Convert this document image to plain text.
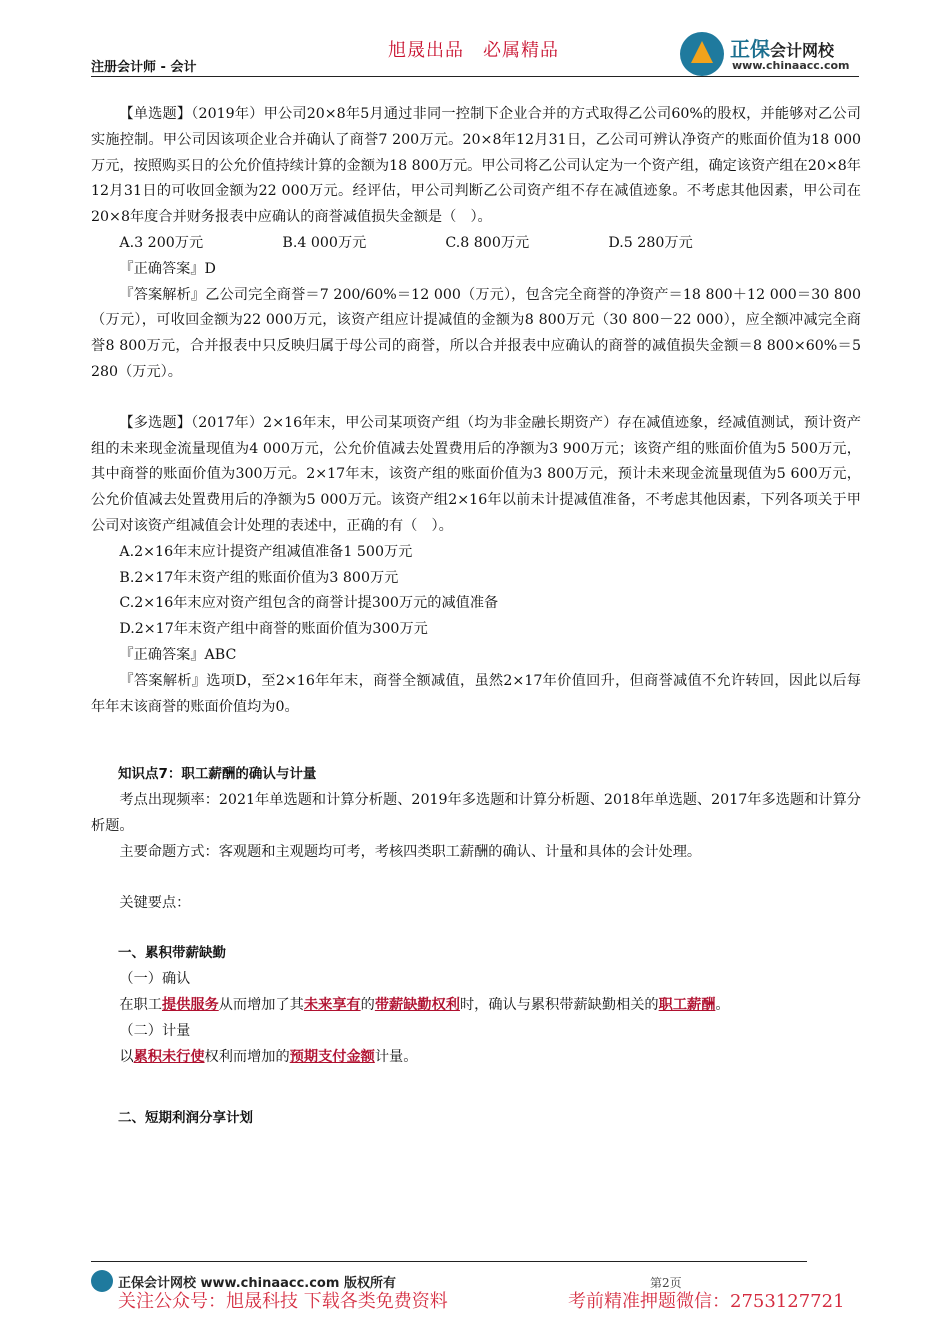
注册会计师 - 会计
旭晟出品　必属精品	正保会计网校
www.chinaacc.com

【单选题】（2019年）甲公司20×8年5月通过非同一控制下企业合并的方式取得乙公司60%的股权，并能够对乙公司实施控制。甲公司因该项企业合并确认了商誉7 200万元。20×8年12月31日，乙公司可辨认净资产的账面价值为18 000万元，按照购买日的公允价值持续计算的金额为18 800万元。甲公司将乙公司认定为一个资产组，确定该资产组在20×8年12月31日的可收回金额为22 000万元。经评估，甲公司判断乙公司资产组不存在减值迹象。不考虑其他因素，甲公司在20×8年度合并财务报表中应确认的商誉减值损失金额是（　）。

A.3 200万元	B.4 000万元	C.8 800万元	D.5 280万元

『正确答案』D

『答案解析』乙公司完全商誉＝7 200/60%＝12 000（万元），包含完全商誉的净资产＝18 800＋12 000＝30 800（万元），可收回金额为22 000万元，该资产组应计提减值的金额为8 800万元（30 800－22 000），应全额冲减完全商誉8 800万元，合并报表中只反映归属于母公司的商誉，所以合并报表中应确认的商誉的减值损失金额＝8 800×60%＝5 280（万元）。

【多选题】（2017年）2×16年末，甲公司某项资产组（均为非金融长期资产）存在减值迹象，经减值测试，预计资产组的未来现金流量现值为4 000万元，公允价值减去处置费用后的净额为3 900万元；该资产组的账面价值为5 500万元，其中商誉的账面价值为300万元。2×17年末，该资产组的账面价值为3 800万元，预计未来现金流量现值为5 600万元，公允价值减去处置费用后的净额为5 000万元。该资产组2×16年以前未计提减值准备，不考虑其他因素，下列各项关于甲公司对该资产组减值会计处理的表述中，正确的有（　）。

A.2×16年末应计提资产组减值准备1 500万元

B.2×17年末资产组的账面价值为3 800万元

C.2×16年末应对资产组包含的商誉计提300万元的减值准备

D.2×17年末资产组中商誉的账面价值为300万元

『正确答案』ABC

『答案解析』选项D，至2×16年年末，商誉全额减值，虽然2×17年价值回升，但商誉减值不允许转回，因此以后每年年末该商誉的账面价值均为0。

知识点7：职工薪酬的确认与计量

考点出现频率：2021年单选题和计算分析题、2019年多选题和计算分析题、2018年单选题、2017年多选题和计算分析题。

主要命题方式：客观题和主观题均可考，考核四类职工薪酬的确认、计量和具体的会计处理。

关键要点：

一、累积带薪缺勤

（一）确认

在职工提供服务从而增加了其未来享有的带薪缺勤权利时，确认与累积带薪缺勤相关的职工薪酬。

（二）计量

以累积未行使权利而增加的预期支付金额计量。

二、短期利润分享计划

正保会计网校 www.chinaacc.com 版权所有	第2页
关注公众号：旭晟科技 下载各类免费资料	考前精准押题微信：2753127721
